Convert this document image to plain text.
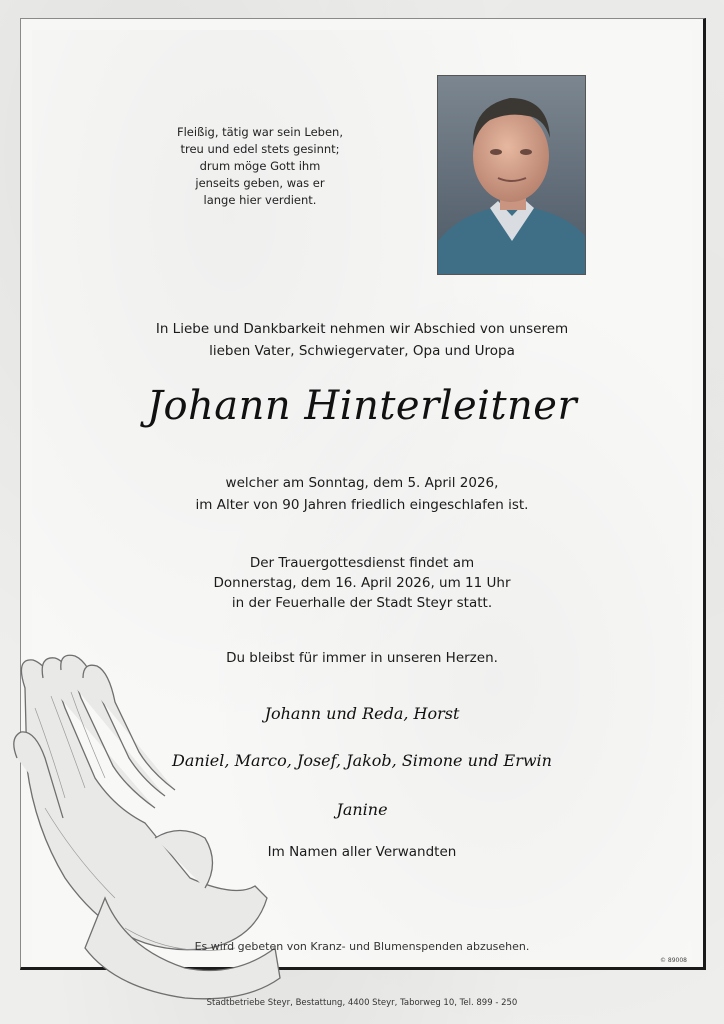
Fleißig, tätig war sein Leben,
treu und edel stets gesinnt;
drum möge Gott ihm
jenseits geben, was er
lange hier verdient.
In Liebe und Dankbarkeit nehmen wir Abschied von unserem
lieben Vater, Schwiegervater, Opa und Uropa
Johann Hinterleitner
welcher am Sonntag, dem 5. April 2026,
im Alter von 90 Jahren friedlich eingeschlafen ist.
Der Trauergottesdienst findet am
Donnerstag, dem 16. April 2026, um 11 Uhr
in der Feuerhalle der Stadt Steyr statt.
Du bleibst für immer in unseren Herzen.
Johann und Reda, Horst
Daniel, Marco, Josef, Jakob, Simone und Erwin
Janine
Im Namen aller Verwandten
Es wird gebeten von Kranz- und Blumenspenden abzusehen.
© 89008
Stadtbetriebe Steyr, Bestattung, 4400 Steyr, Taborweg 10, Tel. 899 - 250
